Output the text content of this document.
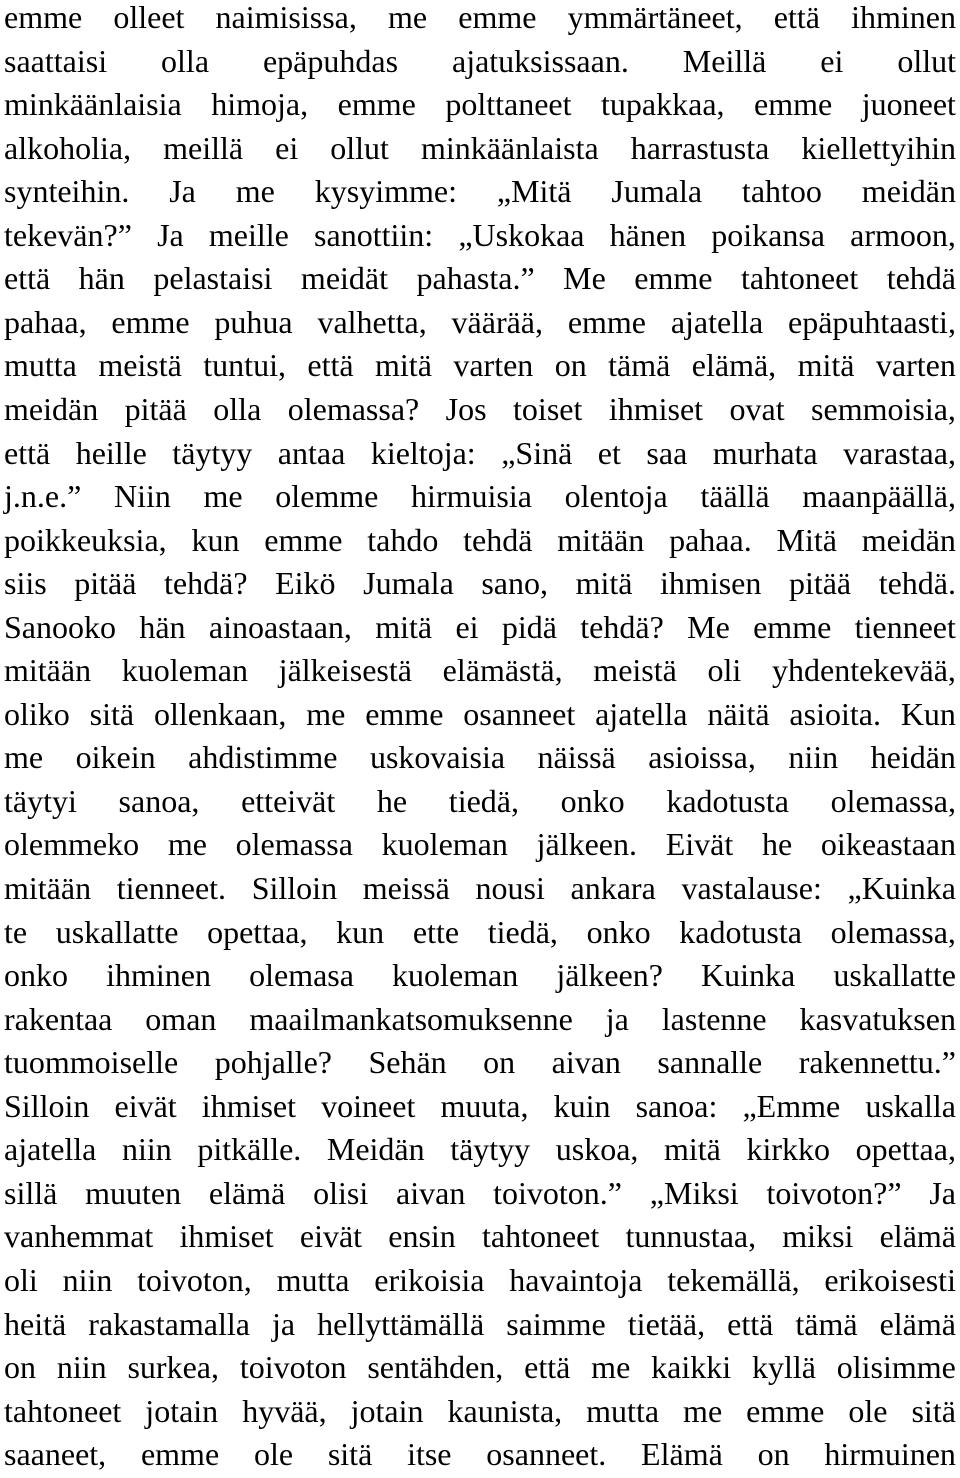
emme olleet naimisissa, me emme ymmärtäneet, että ihminen
saattaisi olla epäpuhdas ajatuksissaan. Meillä ei ollut
minkäänlaisia himoja, emme polttaneet tupakkaa, emme juoneet
alkoholia, meillä ei ollut minkäänlaista harrastusta kiellettyihin
synteihin. Ja me kysyimme: „Mitä Jumala tahtoo meidän
tekevän?” Ja meille sanottiin: „Uskokaa hänen poikansa armoon,
että hän pelastaisi meidät pahasta.” Me emme tahtoneet tehdä
pahaa, emme puhua valhetta, väärää, emme ajatella epäpuhtaasti,
mutta meistä tuntui, että mitä varten on tämä elämä, mitä varten
meidän pitää olla olemassa? Jos toiset ihmiset ovat semmoisia,
että heille täytyy antaa kieltoja: „Sinä et saa murhata varastaa,
j.n.e.” Niin me olemme hirmuisia olentoja täällä maanpäällä,
poikkeuksia, kun emme tahdo tehdä mitään pahaa. Mitä meidän
siis pitää tehdä? Eikö Jumala sano, mitä ihmisen pitää tehdä.
Sanooko hän ainoastaan, mitä ei pidä tehdä? Me emme tienneet
mitään kuoleman jälkeisestä elämästä, meistä oli yhdentekevää,
oliko sitä ollenkaan, me emme osanneet ajatella näitä asioita. Kun
me oikein ahdistimme uskovaisia näissä asioissa, niin heidän
täytyi sanoa, etteivät he tiedä, onko kadotusta olemassa,
olemmeko me olemassa kuoleman jälkeen. Eivät he oikeastaan
mitään tienneet. Silloin meissä nousi ankara vastalause: „Kuinka
te uskallatte opettaa, kun ette tiedä, onko kadotusta olemassa,
onko ihminen olemasa kuoleman jälkeen? Kuinka uskallatte
rakentaa oman maailmankatsomuksenne ja lastenne kasvatuksen
tuommoiselle pohjalle? Sehän on aivan sannalle rakennettu.”
Silloin eivät ihmiset voineet muuta, kuin sanoa: „Emme uskalla
ajatella niin pitkälle. Meidän täytyy uskoa, mitä kirkko opettaa,
sillä muuten elämä olisi aivan toivoton.” „Miksi toivoton?” Ja
vanhemmat ihmiset eivät ensin tahtoneet tunnustaa, miksi elämä
oli niin toivoton, mutta erikoisia havaintoja tekemällä, erikoisesti
heitä rakastamalla ja hellyttämällä saimme tietää, että tämä elämä
on niin surkea, toivoton sentähden, että me kaikki kyllä olisimme
tahtoneet jotain hyvää, jotain kaunista, mutta me emme ole sitä
saaneet, emme ole sitä itse osanneet. Elämä on hirmuinen
